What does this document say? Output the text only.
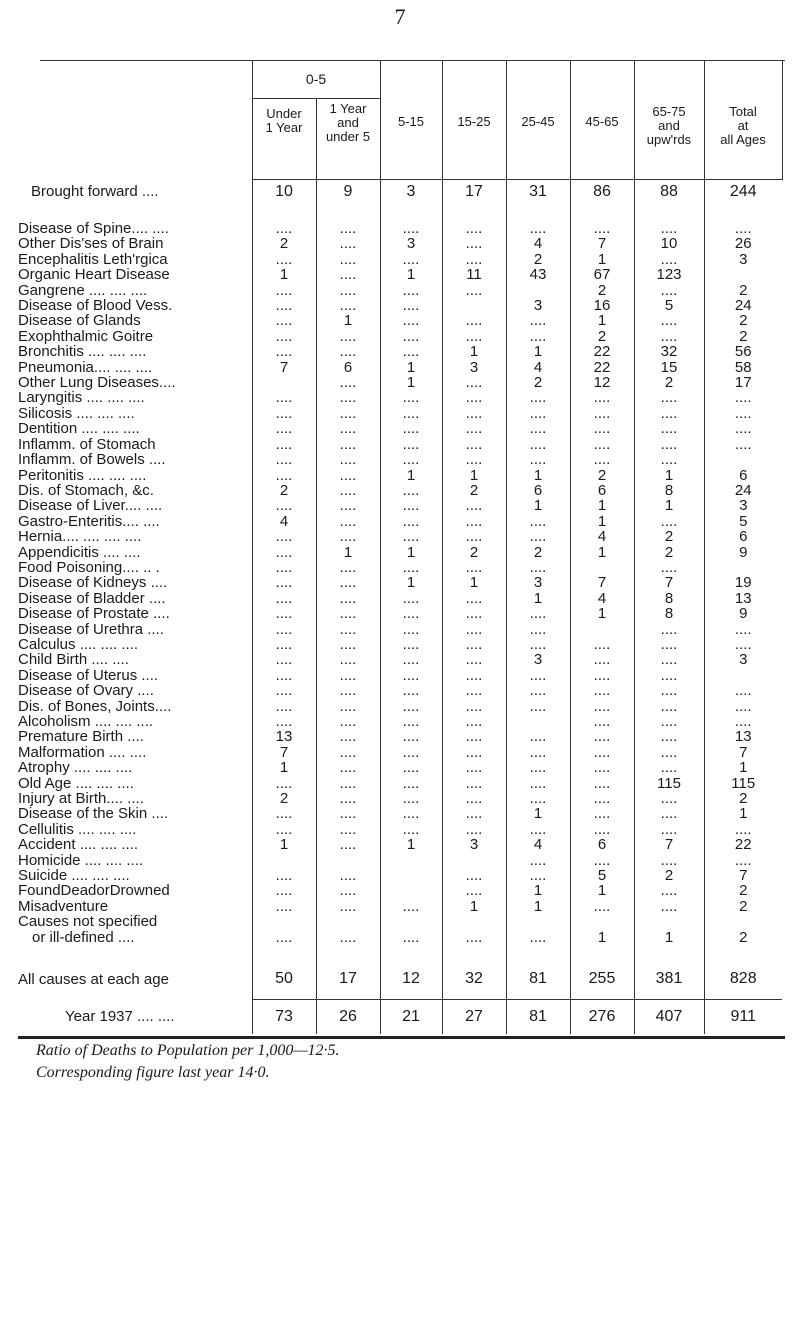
7
0-5
Under
1 Year
1 Year
and
under 5
5-15	15-25	25-45	45-65
65-75
and
upw'rds
Total
at
all Ages
Brought forward ....	10	9	3	17	31	86	88	244

Disease of Spine.... ....	....	....	....	....	....	....	....	....
Other Dis'ses of Brain	2	....	3	....	4	7	10	26
Encephalitis Leth'rgica	....	....	....	....	2	1	....	3
Organic Heart Disease	1	....	1	11	43	67	123	
Gangrene .... .... ....	....	....	....	....		2	....	2
Disease of Blood Vess.	....	....	....		3	16	5	24
Disease of Glands	....	1	....	....	....	1	....	2
Exophthalmic Goitre	....	....	....	....	....	2	....	2
Bronchitis .... .... ....	....	....	....	1	1	22	32	56
Pneumonia.... .... ....	7	6	1	3	4	22	15	58
Other Lung Diseases....		....	1	....	2	12	2	17
Laryngitis .... .... ....	....	....	....	....	....	....	....	....
Silicosis .... .... ....	....	....	....	....	....	....	....	....
Dentition .... .... ....	....	....	....	....	....	....	....	....
Inflamm. of Stomach	....	....	....	....	....	....	....	....
Inflamm. of Bowels ....	....	....	....	....	....	....	....	
Peritonitis .... .... ....	....	....	1	1	1	2	1	6
Dis. of Stomach, &c.	2	....	....	2	6	6	8	24
Disease of Liver.... ....	....	....	....	....	1	1	1	3
Gastro-Enteritis.... ....	4	....	....	....	....	1	....	5
Hernia.... .... .... ....	....	....	....	....	....	4	2	6
Appendicitis .... ....	....	1	1	2	2	1	2	9
Food Poisoning.... .. .	....	....	....	....	....		....	
Disease of Kidneys ....	....	....	1	1	3	7	7	19
Disease of Bladder ....	....	....	....	....	1	4	8	13
Disease of Prostate ....	....	....	....	....	....	1	8	9
Disease of Urethra ....	....	....	....	....	....		....	....
Calculus .... .... ....	....	....	....	....	....	....	....	....
Child Birth .... ....	....	....	....	....	3	....	....	3
Disease of Uterus ....	....	....	....	....	....	....	....	
Disease of Ovary ....	....	....	....	....	....	....	....	....
Dis. of Bones, Joints....	....	....	....	....	....	....	....	....
Alcoholism .... .... ....	....	....	....	....		....	....	....
Premature Birth ....	13	....	....	....	....	....	....	13
Malformation .... ....	7	....	....	....	....	....	....	7
Atrophy .... .... ....	1	....	....	....	....	....	....	1
Old Age .... .... ....	....	....	....	....	....	....	115	115
Injury at Birth.... ....	2	....	....	....	....	....	....	2
Disease of the Skin ....	....	....	....	....	1	....	....	1
Cellulitis .... .... ....	....	....	....	....	....	....	....	....
Accident .... .... ....	1	....	1	3	4	6	7	22
Homicide .... .... ....					....	....	....	....
Suicide .... .... ....	....	....		....	....	5	2	7
FoundDeadorDrowned	....	....		....	1	1	....	2
Misadventure	....	....	....	1	1	....	....	2
Causes not specified								
or ill-defined ....	....	....	....	....	....	1	1	2

All causes at each age	50	17	12	32	81	255	381	828
Year 1937 .... ....	73	26	21	27	81	276	407	911
Ratio of Deaths to Population per 1,000—12·5.
Corresponding figure last year 14·0.
